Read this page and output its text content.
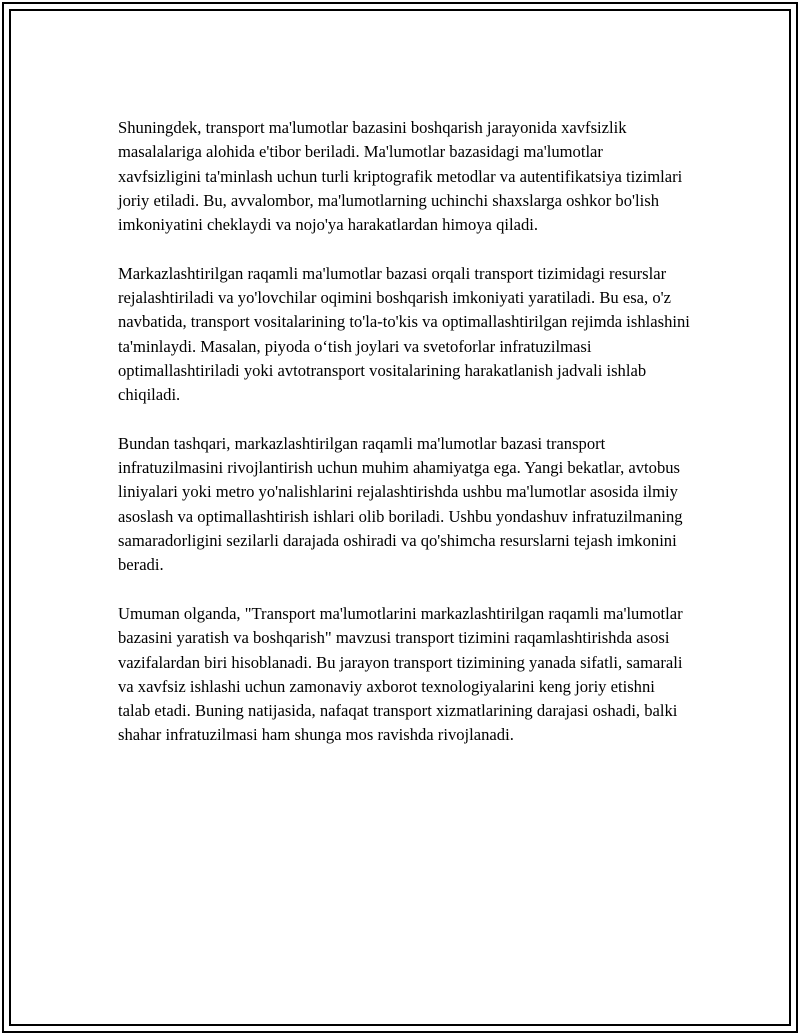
Shuningdek, transport ma'lumotlar bazasini boshqarish jarayonida xavfsizlik masalalariga alohida e'tibor beriladi. Ma'lumotlar bazasidagi ma'lumotlar xavfsizligini ta'minlash uchun turli kriptografik metodlar va autentifikatsiya tizimlari joriy etiladi. Bu, avvalombor, ma'lumotlarning uchinchi shaxslarga oshkor bo'lish imkoniyatini cheklaydi va nojo'ya harakatlardan himoya qiladi.

Markazlashtirilgan raqamli ma'lumotlar bazasi orqali transport tizimidagi resurslar rejalashtiriladi va yo'lovchilar oqimini boshqarish imkoniyati yaratiladi. Bu esa, o'z navbatida, transport vositalarining to'la-to'kis va optimallashtirilgan rejimda ishlashini ta'minlaydi. Masalan, piyoda o‘tish joylari va svetoforlar infratuzilmasi optimallashtiriladi yoki avtotransport vositalarining harakatlanish jadvali ishlab chiqiladi.

Bundan tashqari, markazlashtirilgan raqamli ma'lumotlar bazasi transport infratuzilmasini rivojlantirish uchun muhim ahamiyatga ega. Yangi bekatlar, avtobus liniyalari yoki metro yo'nalishlarini rejalashtirishda ushbu ma'lumotlar asosida ilmiy asoslash va optimallashtirish ishlari olib boriladi. Ushbu yondashuv infratuzilmaning samaradorligini sezilarli darajada oshiradi va qo'shimcha resurslarni tejash imkonini beradi.

Umuman olganda, "Transport ma'lumotlarini markazlashtirilgan raqamli ma'lumotlar bazasini yaratish va boshqarish" mavzusi transport tizimini raqamlashtirishda asosi vazifalardan biri hisoblanadi. Bu jarayon transport tizimining yanada sifatli, samarali va xavfsiz ishlashi uchun zamonaviy axborot texnologiyalarini keng joriy etishni talab etadi. Buning natijasida, nafaqat transport xizmatlarining darajasi oshadi, balki shahar infratuzilmasi ham shunga mos ravishda rivojlanadi.
